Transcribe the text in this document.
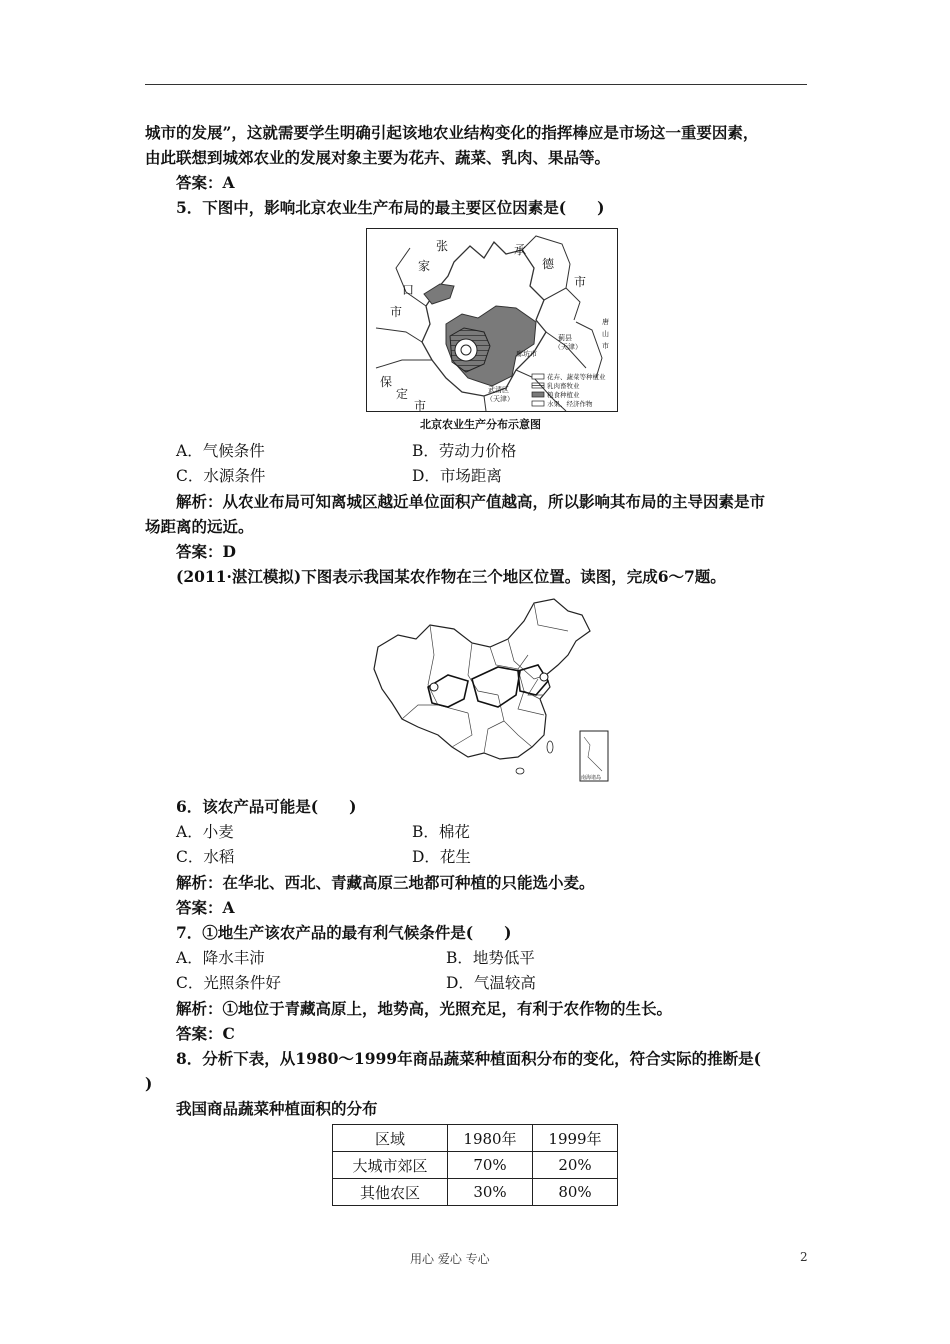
城市的发展”，这就需要学生明确引起该地农业结构变化的指挥棒应是市场这一重要因素，
由此联想到城郊农业的发展对象主要为花卉、蔬菜、乳肉、果品等。
答案：A
5．下图中，影响北京农业生产布局的最主要区位因素是(　　)
张
家
口
市
承
德
市
保
定
市
唐
山
市
蓟县
（天津）
廊坊市
武清区
（天津）
花卉、蔬菜等种植业
乳肉畜牧业
粮食种植业
水果、经济作物
北京农业生产分布示意图
A．气候条件	B．劳动力价格
C．水源条件	D．市场距离
解析：从农业布局可知离城区越近单位面积产值越高，所以影响其布局的主导因素是市
场距离的远近。
答案：D
(2011·湛江模拟)下图表示我国某农作物在三个地区位置。读图，完成6～7题。
南海诸岛
6．该农产品可能是(　　)
A．小麦	B．棉花
C．水稻	D．花生
解析：在华北、西北、青藏高原三地都可种植的只能选小麦。
答案：A
7．①地生产该农产品的最有利气候条件是(　　)
A．降水丰沛	B．地势低平
C．光照条件好	D．气温较高
解析：①地位于青藏高原上，地势高，光照充足，有利于农作物的生长。
答案：C
8．分析下表，从1980～1999年商品蔬菜种植面积分布的变化，符合实际的推断是(
)
我国商品蔬菜种植面积的分布
区域	1980年	1999年
大城市郊区	70%	20%
其他农区	30%	80%
用心 爱心 专心	2
